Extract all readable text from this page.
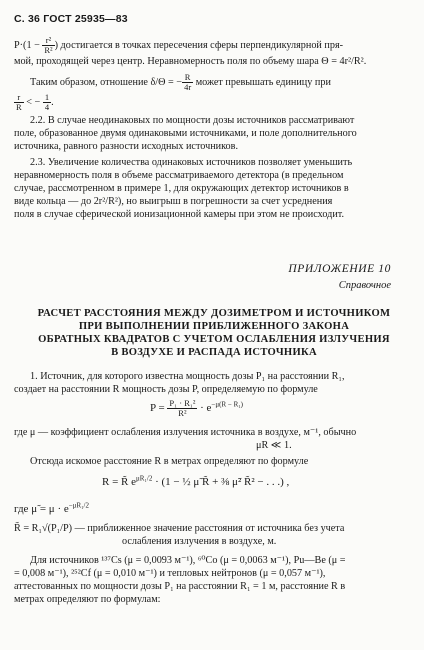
С. 36 ГОСТ 25935—83
$P\cdot(1 - \frac{\text{r²}}{\text{R²}}$ ) достигается в точках пересечения сферы перпендикулярной пря-
мой, проходящей через центр. Неравномерность поля по объему шара Θ = 4r²/R².
Таким образом, отношение δ/Θ = − $\frac{R}{4r}$ может превышать единицу при
$\frac{r}{R}$ < − $\frac{1}{4}$ .
2.2. В случае неодинаковых по мощности дозы источников рассматривают
поле, образованное двумя одинаковыми источниками, и поле дополнительного
источника, равного разности исходных источников.
2.3. Увеличение количества одинаковых источников позволяет уменьшить
неравномерность поля в объеме рассматриваемого детектора (в предельном
случае, рассмотренном в примере 1, для окружающих детектор источников в
виде кольца — до 2r²/R²), но выигрыш в погрешности за счет усреднения
поля в случае сферической ионизационной камеры при этом не происходит.
ПРИЛОЖЕНИЕ 10
Справочное
РАСЧЕТ РАССТОЯНИЯ МЕЖДУ ДОЗИМЕТРОМ И ИСТОЧНИКОМ
ПРИ ВЫПОЛНЕНИИ ПРИБЛИЖЕННОГО ЗАКОНА
ОБРАТНЫХ КВАДРАТОВ С УЧЕТОМ ОСЛАБЛЕНИЯ ИЗЛУЧЕНИЯ
В ВОЗДУХЕ И РАСПАДА ИСТОЧНИКА
1. Источник, для которого известна мощность дозы P₁ на расстоянии R₁,
создает на расстоянии R мощность дозы P, определяемую по формуле
$P = \frac{\text{P₁ · R₁²}}{\text{R²}} \cdot e^{-\mu(R - R_1)}$
где μ — коэффициент ослабления излучения источника в воздухе, м⁻¹, обычно
μR ≪ 1.
Отсюда искомое расстояние R в метрах определяют по формуле
R = R̃ $e^{\mu R_1/2} \cdot (1$ − ½ μ̃ R̃ + ⅜ μ̃² R̃² − . . .) ,
где μ̃ = $\mu \cdot e^{-\mu R_1/2}$
R̃ = R₁√(P₁/P) — приближенное значение расстояния от источника без учета
ослабления излучения в воздухе, м.
Для источников ¹³⁷Cs (μ = 0,0093 м⁻¹), ⁶⁰Co (μ = 0,0063 м⁻¹), Pu—Be (μ =
= 0,008 м⁻¹), ²⁵²Cf (μ = 0,010 м⁻¹) и тепловых нейтронов (μ = 0,057 м⁻¹),
аттестованных по мощности дозы P₁ на расстоянии R₁ = 1 м, расстояние R в
метрах определяют по формулам:
